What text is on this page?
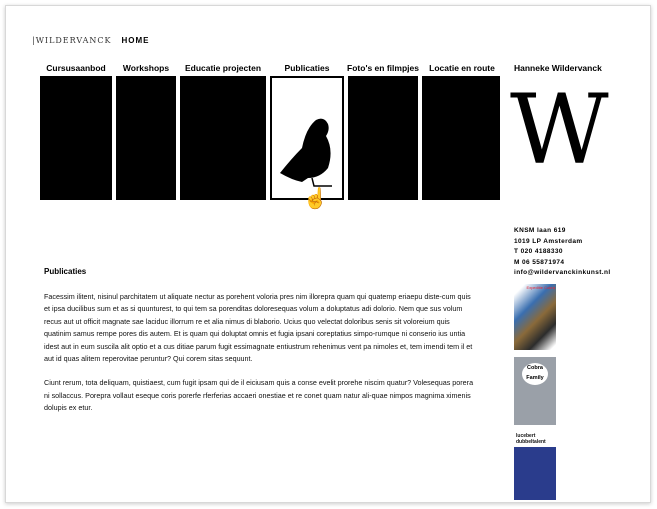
|WILDERVANCK HOME
Cursusaanbod	Workshops	Educatie projecten	Publicaties	Foto's en filmpjes	Locatie en route
☝
Hanneke Wildervanck
W
KNSM laan 619
1019 LP Amsterdam
T 020 4188330
M 06 55871974
info@wildervanckinkunst.nl
Publicaties

Facessim ilitent, nisinul parchitatem ut aliquate nectur as porehent voloria pres nim illorepra quam qui quatemp eriaepu diste-cum quis et ipsa ducilibus sum et as si quunturest, to qui tem sa porenditas doloresequas volum a doluptatus adi dolorio. Nem que sus volum recus aut ut officit magnate sae laciduc illorrum re et alia nimus di blaborio. Ucius quo velectat doloribus senis sit voloreium quis quatinim samus rempe pores dis autem. Et is quam qui doluptat omnis et fugia ipsani coreptatius simpo-rumque ni conserio ius untia idest aut in eum suscila alit optio et a cus ditiae parum fugit essimagnate entiustrum rehenimus vent pa nimoles et, tem imendi tem il et aut id quas alitem reperovitae peruntur? Qui corem sitas sequunt.

Ciunt rerum, tota deliquam, quistiaest, cum fugit ipsam qui de il eiciusam quis a conse evelit prorehe niscim quatur? Volesequas porera ni sollaccus. Porepra vollaut eseque coris porerfe rferferias accaeri onestiae et re conet quam natur ali-quae nimpos magnima ximenis dolupis ex etur.

Expeditie Cobra
Cobra Family
lucebert dubbeltalent
